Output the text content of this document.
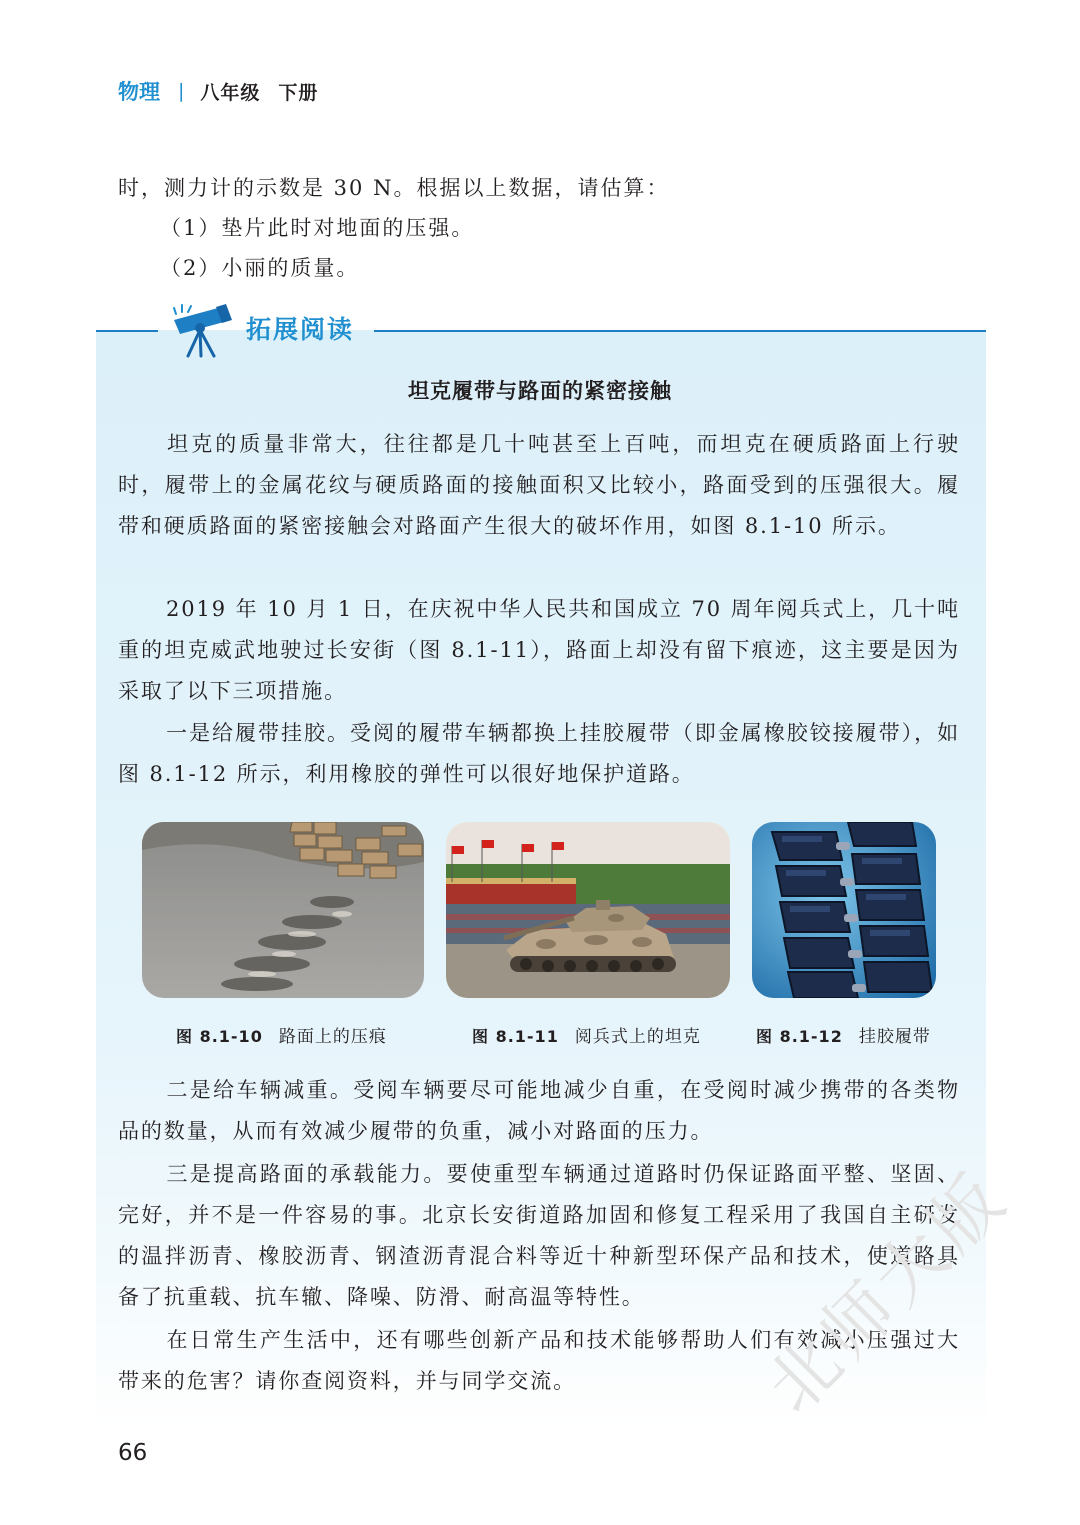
物理 | 八年级 下册
时，测力计的示数是 30 N。根据以上数据，请估算：
（1）垫片此时对地面的压强。
（2）小丽的质量。
拓展阅读
坦克履带与路面的紧密接触
坦克的质量非常大，往往都是几十吨甚至上百吨，而坦克在硬质路面上行驶时，履带上的金属花纹与硬质路面的接触面积又比较小，路面受到的压强很大。履带和硬质路面的紧密接触会对路面产生很大的破坏作用，如图 8.1-10 所示。
2019 年 10 月 1 日，在庆祝中华人民共和国成立 70 周年阅兵式上，几十吨重的坦克威武地驶过长安街（图 8.1-11），路面上却没有留下痕迹，这主要是因为采取了以下三项措施。
一是给履带挂胶。受阅的履带车辆都换上挂胶履带（即金属橡胶铰接履带），如图 8.1-12 所示，利用橡胶的弹性可以很好地保护道路。
图 8.1-10 路面上的压痕	图 8.1-11 阅兵式上的坦克	图 8.1-12 挂胶履带
二是给车辆减重。受阅车辆要尽可能地减少自重，在受阅时减少携带的各类物品的数量，从而有效减少履带的负重，减小对路面的压力。
三是提高路面的承载能力。要使重型车辆通过道路时仍保证路面平整、坚固、完好，并不是一件容易的事。北京长安街道路加固和修复工程采用了我国自主研发的温拌沥青、橡胶沥青、钢渣沥青混合料等近十种新型环保产品和技术，使道路具备了抗重载、抗车辙、降噪、防滑、耐高温等特性。
在日常生产生活中，还有哪些创新产品和技术能够帮助人们有效减小压强过大带来的危害？请你查阅资料，并与同学交流。
66
北师大版
